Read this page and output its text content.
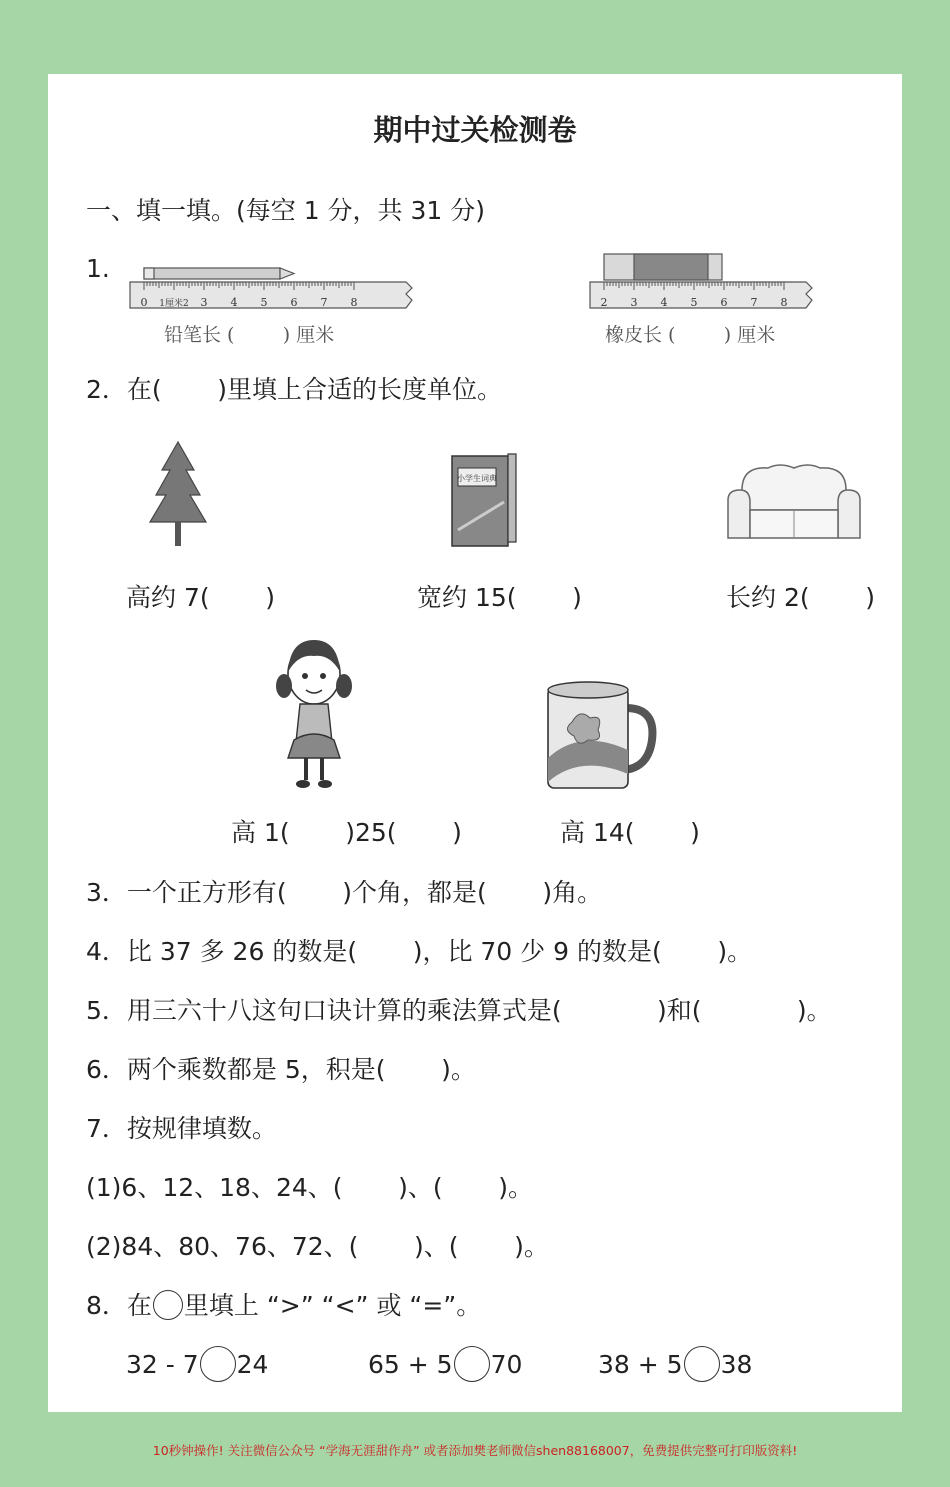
期中过关检测卷
一、填一填。(每空 1 分，共 31 分)
1.
0 1厘米2 3 4 5 6 7 8
铅笔长 (        ) 厘米
2 3 4 5 6 7 8
橡皮长 (        ) 厘米
2．在(       )里填上合适的长度单位。
小学生词典
高约 7(       )	宽约 15(       )	长约 2(       )
高 1(       )25(       )	高 14(       )
3．一个正方形有(       )个角，都是(       )角。
4．比 37 多 26 的数是(       )，比 70 少 9 的数是(       )。
5．用三六十八这句口诀计算的乘法算式是(            )和(            )。
6．两个乘数都是 5，积是(       )。
7．按规律填数。
(1)6、12、18、24、(       )、(       )。
(2)84、80、76、72、(       )、(       )。
8．在 里填上 “>” “<” 或 “=”。
32 - 7 24	65 + 5 70	38 + 5 38
10秒钟操作! 关注微信公众号 “学海无涯甜作舟” 或者添加樊老师微信shen88168007，免费提供完整可打印版资料!
